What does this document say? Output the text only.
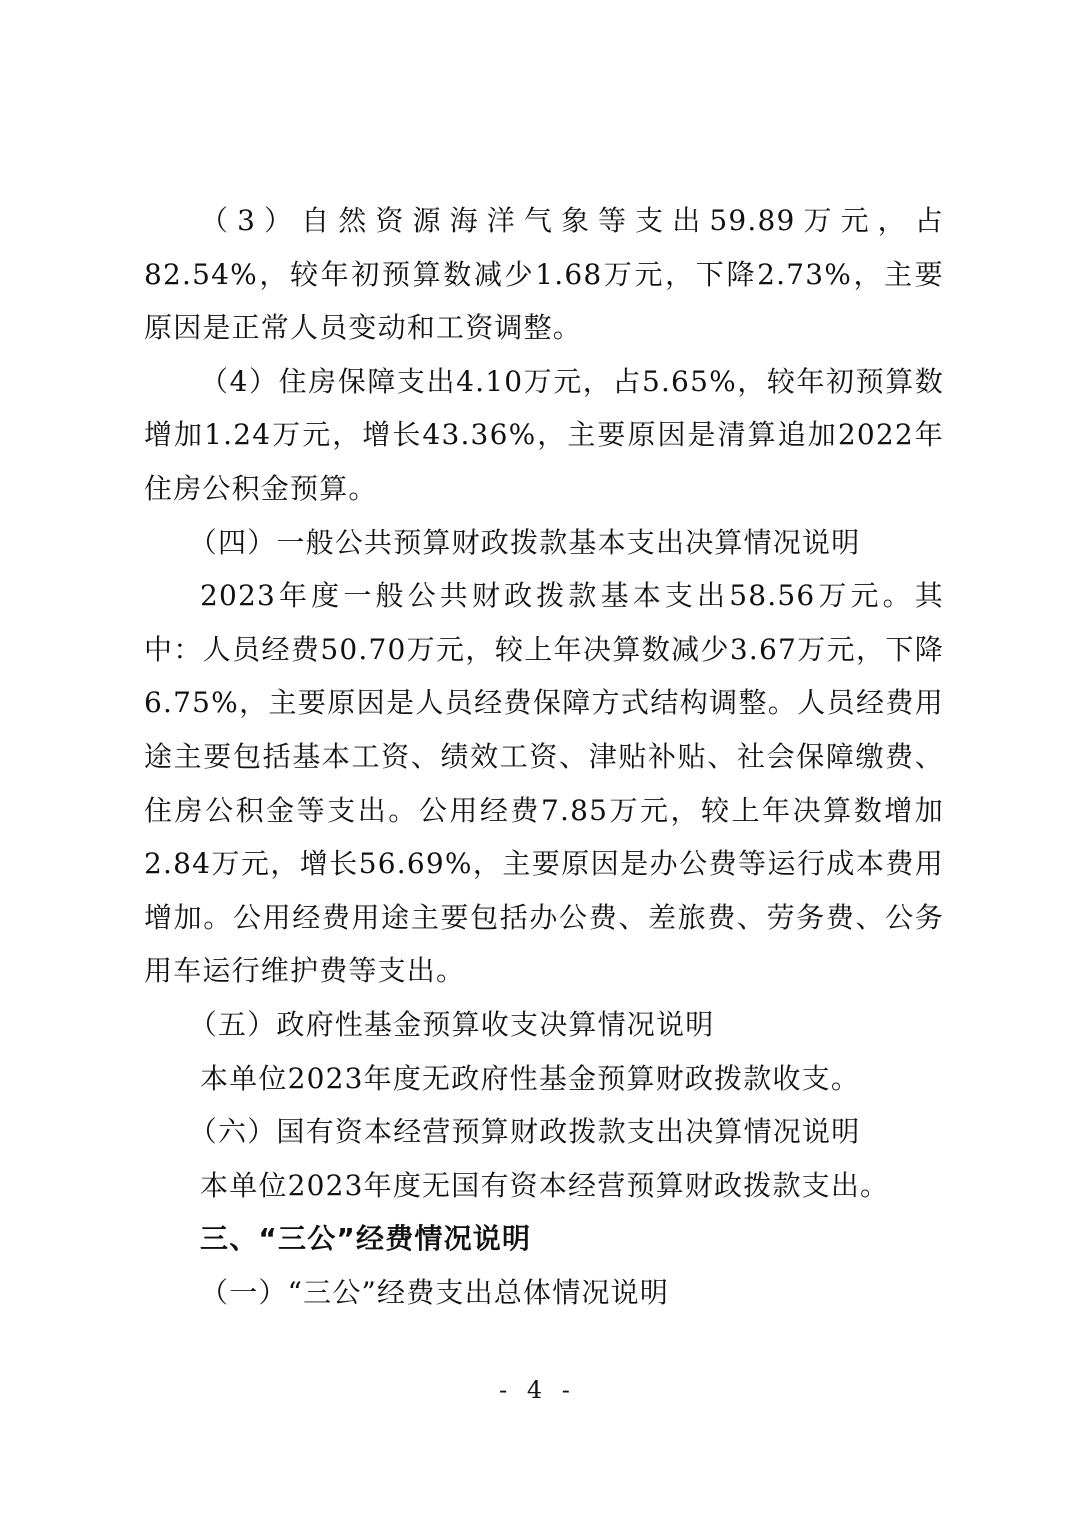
（3）自然资源海洋气象等支出59.89万元，占82.54%，较年初预算数减少1.68万元，下降2.73%，主要原因是正常人员变动和工资调整。

（4）住房保障支出4.10万元，占5.65%，较年初预算数增加1.24万元，增长43.36%，主要原因是清算追加2022年住房公积金预算。

（四）一般公共预算财政拨款基本支出决算情况说明

2023年度一般公共财政拨款基本支出58.56万元。其中：人员经费50.70万元，较上年决算数减少3.67万元，下降6.75%，主要原因是人员经费保障方式结构调整。人员经费用途主要包括基本工资、绩效工资、津贴补贴、社会保障缴费、住房公积金等支出。公用经费7.85万元，较上年决算数增加2.84万元，增长56.69%，主要原因是办公费等运行成本费用增加。公用经费用途主要包括办公费、差旅费、劳务费、公务用车运行维护费等支出。

（五）政府性基金预算收支决算情况说明

本单位2023年度无政府性基金预算财政拨款收支。

（六）国有资本经营预算财政拨款支出决算情况说明

本单位2023年度无国有资本经营预算财政拨款支出。

三、“三公”经费情况说明

（一）“三公”经费支出总体情况说明

- 4 -
